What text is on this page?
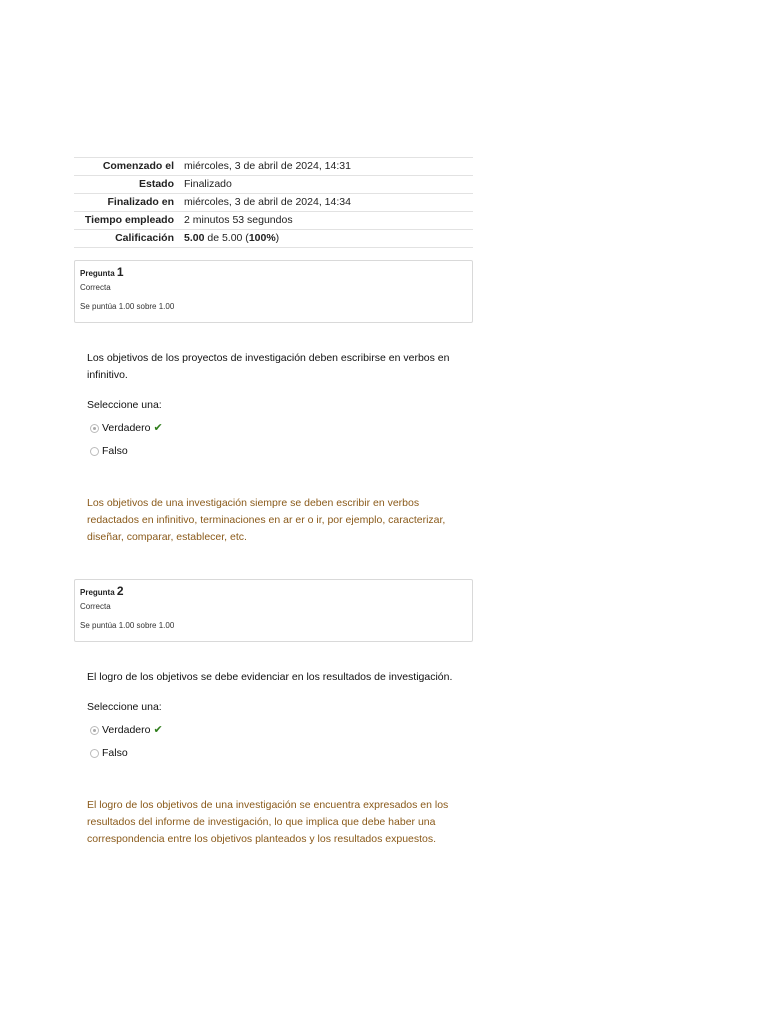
Comenzado el	miércoles, 3 de abril de 2024, 14:31
Estado	Finalizado
Finalizado en	miércoles, 3 de abril de 2024, 14:34
Tiempo empleado	2 minutos 53 segundos
Calificación	5.00 de 5.00 (100%)
Pregunta 1
Correcta
Se puntúa 1.00 sobre 1.00
Los objetivos de los proyectos de investigación deben escribirse en verbos en infinitivo.
Seleccione una:
Verdadero ✔
Falso
Los objetivos de una investigación siempre se deben escribir en verbos redactados en infinitivo, terminaciones en ar er o ir, por ejemplo, caracterizar, diseñar, comparar, establecer, etc.
Pregunta 2
Correcta
Se puntúa 1.00 sobre 1.00
El logro de los objetivos se debe evidenciar en los resultados de investigación.
Seleccione una:
Verdadero ✔
Falso
El logro de los objetivos de una investigación se encuentra expresados en los resultados del informe de investigación, lo que implica que debe haber una correspondencia entre los objetivos planteados y los resultados expuestos.
